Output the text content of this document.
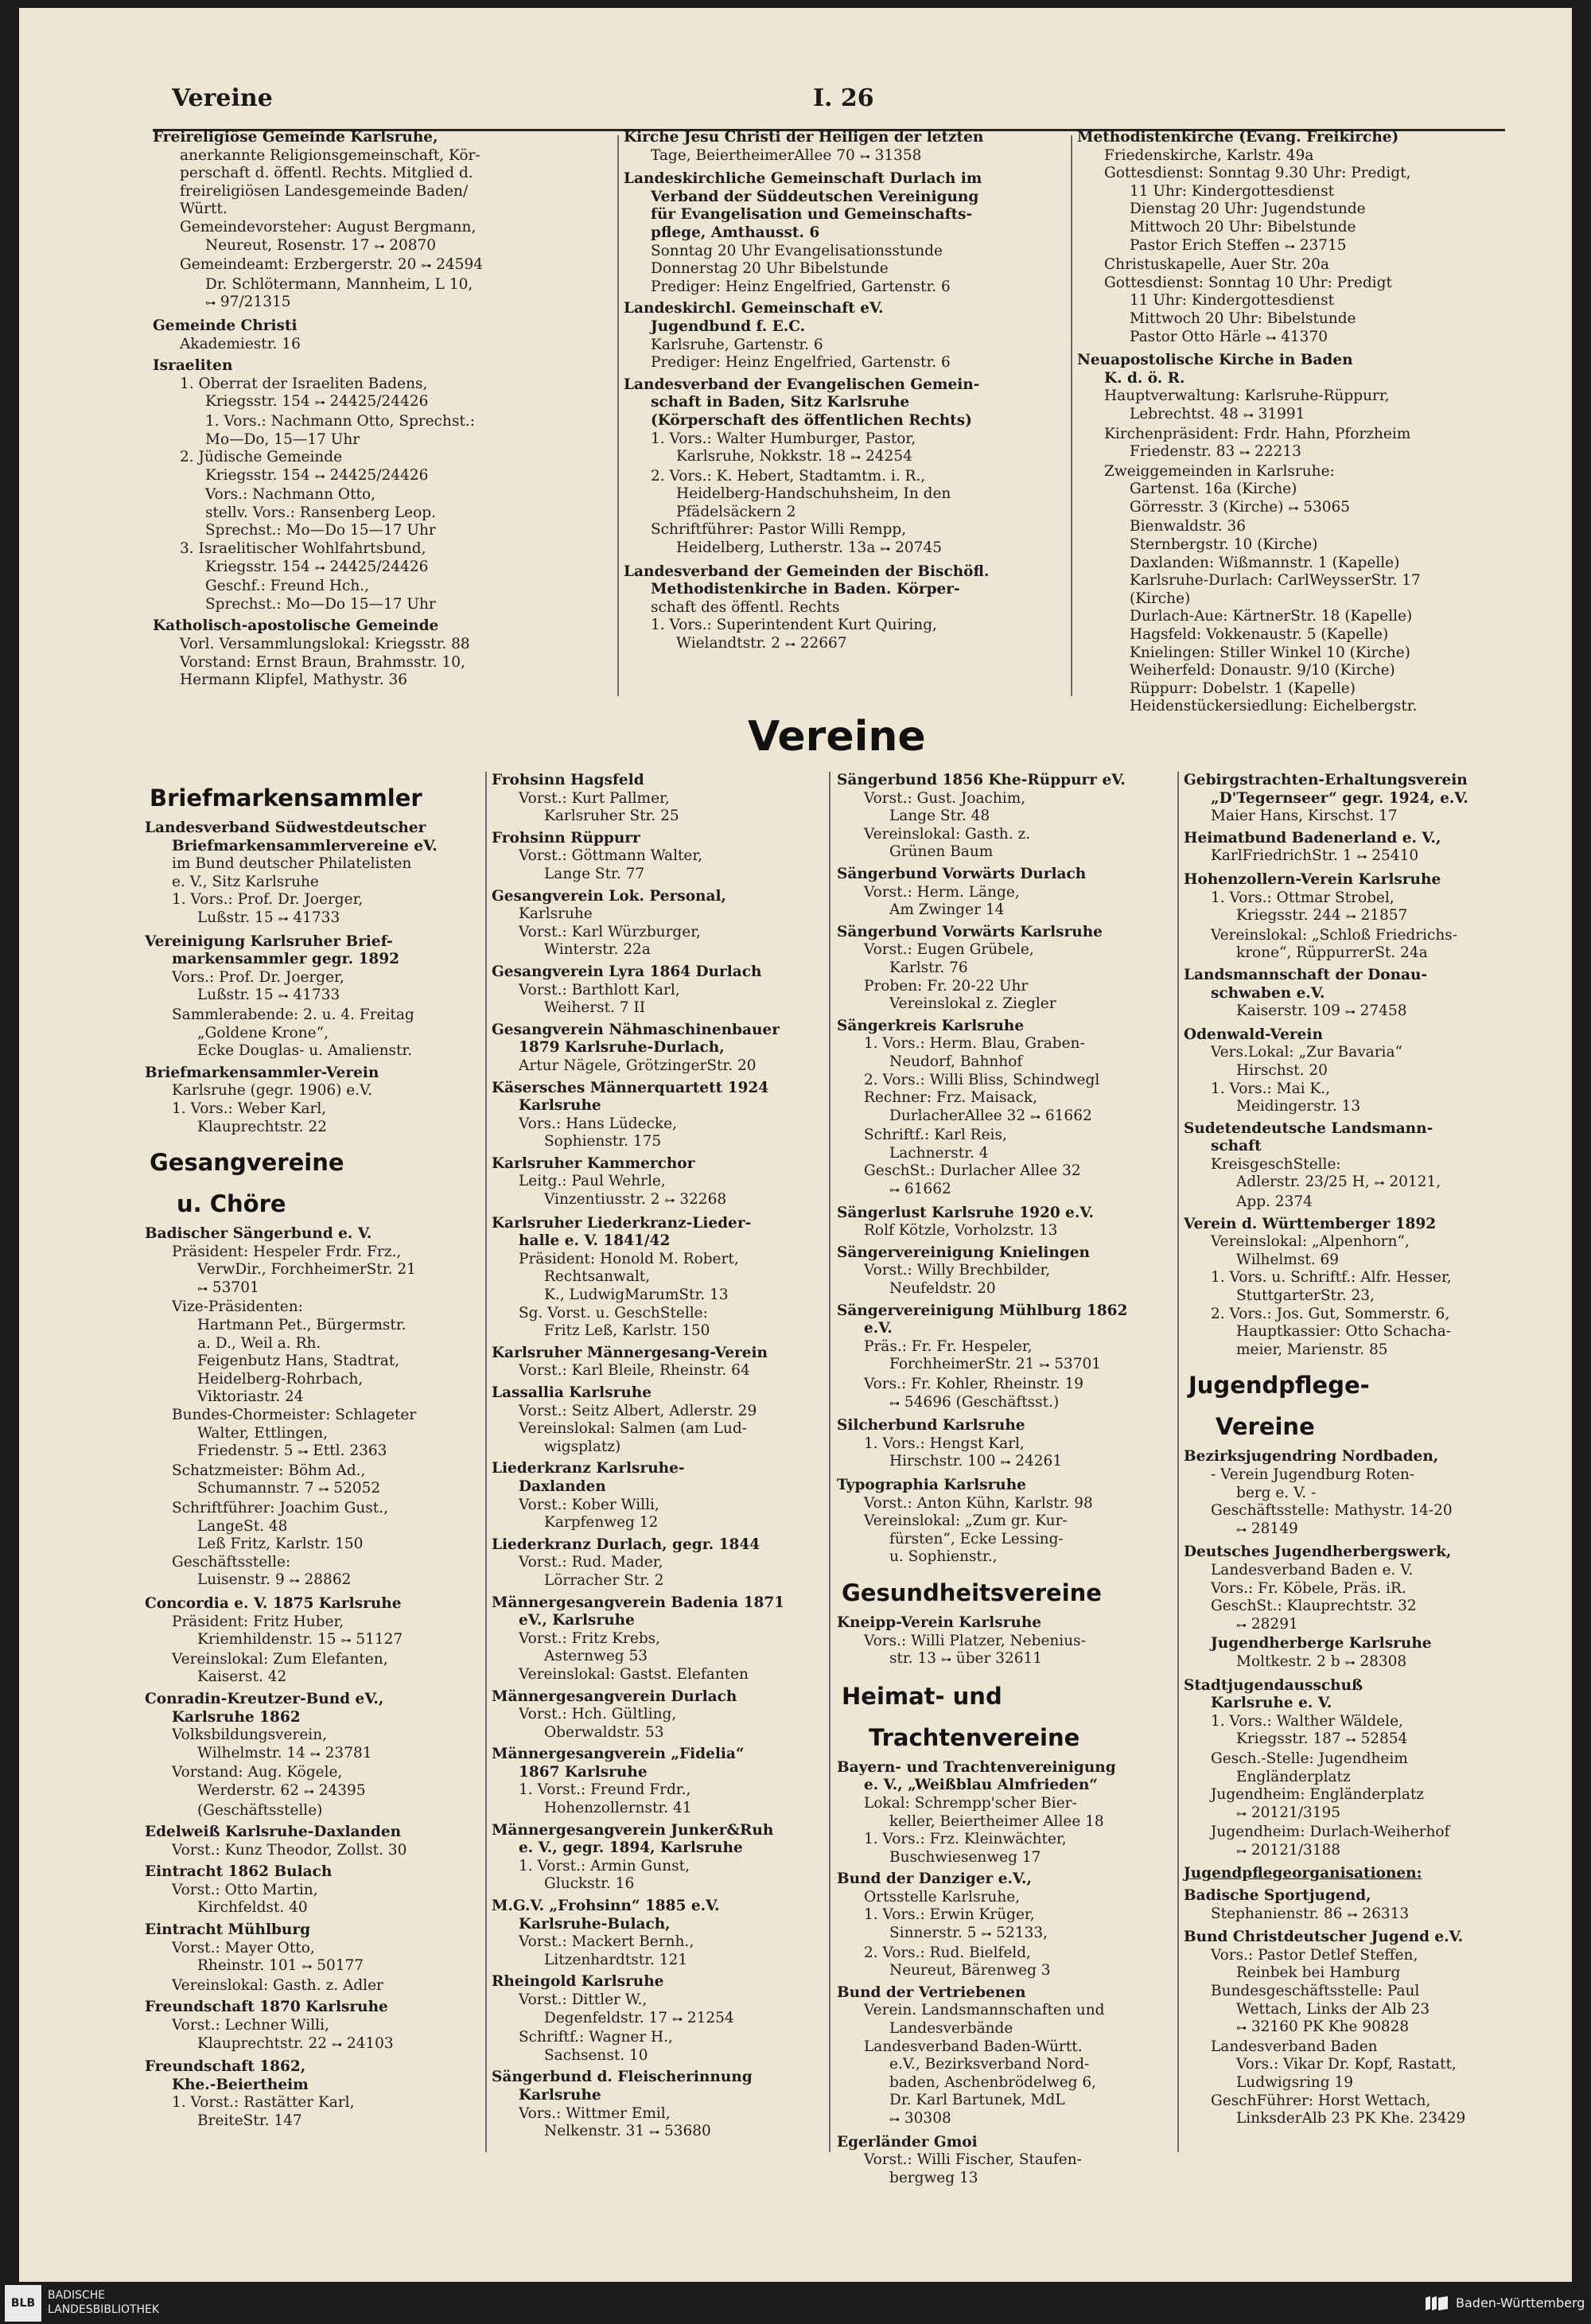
Vereine	I. 26
Freireligiöse Gemeinde Karlsruhe,
anerkannte Religionsgemeinschaft, Kör-
perschaft d. öffentl. Rechts. Mitglied d.
freireligiösen Landesgemeinde Baden/
Württ.
Gemeindevorsteher: August Bergmann,
Neureut, Rosenstr. 17 ⊶ 20870
Gemeindeamt: Erzbergerstr. 20 ⊶ 24594
Dr. Schlötermann, Mannheim, L 10,
⊶ 97/21315
Gemeinde Christi
Akademiestr. 16
Israeliten
1. Oberrat der Israeliten Badens,
Kriegsstr. 154 ⊶ 24425/24426
1. Vors.: Nachmann Otto, Sprechst.:
Mo—Do, 15—17 Uhr
2. Jüdische Gemeinde
Kriegsstr. 154 ⊶ 24425/24426
Vors.: Nachmann Otto,
stellv. Vors.: Ransenberg Leop.
Sprechst.: Mo—Do 15—17 Uhr
3. Israelitischer Wohlfahrtsbund,
Kriegsstr. 154 ⊶ 24425/24426
Geschf.: Freund Hch.,
Sprechst.: Mo—Do 15—17 Uhr
Katholisch-apostolische Gemeinde
Vorl. Versammlungslokal: Kriegsstr. 88
Vorstand: Ernst Braun, Brahmsstr. 10,
Hermann Klipfel, Mathystr. 36
Kirche Jesu Christi der Heiligen der letzten
Tage, BeiertheimerAllee 70 ⊶ 31358
Landeskirchliche Gemeinschaft Durlach im
Verband der Süddeutschen Vereinigung
für Evangelisation und Gemeinschafts-
pflege, Amthausst. 6
Sonntag 20 Uhr Evangelisationsstunde
Donnerstag 20 Uhr Bibelstunde
Prediger: Heinz Engelfried, Gartenstr. 6
Landeskirchl. Gemeinschaft eV.
Jugendbund f. E.C.
Karlsruhe, Gartenstr. 6
Prediger: Heinz Engelfried, Gartenstr. 6
Landesverband der Evangelischen Gemein-
schaft in Baden, Sitz Karlsruhe
(Körperschaft des öffentlichen Rechts)
1. Vors.: Walter Humburger, Pastor,
Karlsruhe, Nokkstr. 18 ⊶ 24254
2. Vors.: K. Hebert, Stadtamtm. i. R.,
Heidelberg-Handschuhsheim, In den
Pfädelsäckern 2
Schriftführer: Pastor Willi Rempp,
Heidelberg, Lutherstr. 13a ⊶ 20745
Landesverband der Gemeinden der Bischöfl.
Methodistenkirche in Baden. Körper-
schaft des öffentl. Rechts
1. Vors.: Superintendent Kurt Quiring,
Wielandtstr. 2 ⊶ 22667
Methodistenkirche (Evang. Freikirche)
Friedenskirche, Karlstr. 49a
Gottesdienst: Sonntag 9.30 Uhr: Predigt,
11 Uhr: Kindergottesdienst
Dienstag 20 Uhr: Jugendstunde
Mittwoch 20 Uhr: Bibelstunde
Pastor Erich Steffen ⊶ 23715
Christuskapelle, Auer Str. 20a
Gottesdienst: Sonntag 10 Uhr: Predigt
11 Uhr: Kindergottesdienst
Mittwoch 20 Uhr: Bibelstunde
Pastor Otto Härle ⊶ 41370
Neuapostolische Kirche in Baden
K. d. ö. R.
Hauptverwaltung: Karlsruhe-Rüppurr,
Lebrechtst. 48 ⊶ 31991
Kirchenpräsident: Frdr. Hahn, Pforzheim
Friedenstr. 83 ⊶ 22213
Zweiggemeinden in Karlsruhe:
Gartenst. 16a (Kirche)
Görresstr. 3 (Kirche) ⊶ 53065
Bienwaldstr. 36
Sternbergstr. 10 (Kirche)
Daxlanden: Wißmannstr. 1 (Kapelle)
Karlsruhe-Durlach: CarlWeysserStr. 17
(Kirche)
Durlach-Aue: KärtnerStr. 18 (Kapelle)
Hagsfeld: Vokkenaustr. 5 (Kapelle)
Knielingen: Stiller Winkel 10 (Kirche)
Weiherfeld: Donaustr. 9/10 (Kirche)
Rüppurr: Dobelstr. 1 (Kapelle)
Heidenstückersiedlung: Eichelbergstr.
Vereine
Briefmarkensammler
Landesverband Südwestdeutscher
Briefmarkensammlervereine eV.
im Bund deutscher Philatelisten
e. V., Sitz Karlsruhe
1. Vors.: Prof. Dr. Joerger,
Lußstr. 15 ⊶ 41733
Vereinigung Karlsruher Brief-
markensammler gegr. 1892
Vors.: Prof. Dr. Joerger,
Lußstr. 15 ⊶ 41733
Sammlerabende: 2. u. 4. Freitag
„Goldene Krone“,
Ecke Douglas- u. Amalienstr.
Briefmarkensammler-Verein
Karlsruhe (gegr. 1906) e.V.
1. Vors.: Weber Karl,
Klauprechtstr. 22
Gesangvereine
u. Chöre
Badischer Sängerbund e. V.
Präsident: Hespeler Frdr. Frz.,
VerwDir., ForchheimerStr. 21
⊶ 53701
Vize-Präsidenten:
Hartmann Pet., Bürgermstr.
a. D., Weil a. Rh.
Feigenbutz Hans, Stadtrat,
Heidelberg-Rohrbach,
Viktoriastr. 24
Bundes-Chormeister: Schlageter
Walter, Ettlingen,
Friedenstr. 5 ⊶ Ettl. 2363
Schatzmeister: Böhm Ad.,
Schumannstr. 7 ⊶ 52052
Schriftführer: Joachim Gust.,
LangeSt. 48
Leß Fritz, Karlstr. 150
Geschäftsstelle:
Luisenstr. 9 ⊶ 28862
Concordia e. V. 1875 Karlsruhe
Präsident: Fritz Huber,
Kriemhildenstr. 15 ⊶ 51127
Vereinslokal: Zum Elefanten,
Kaiserst. 42
Conradin-Kreutzer-Bund eV.,
Karlsruhe 1862
Volksbildungsverein,
Wilhelmstr. 14 ⊶ 23781
Vorstand: Aug. Kögele,
Werderstr. 62 ⊶ 24395
(Geschäftsstelle)
Edelweiß Karlsruhe-Daxlanden
Vorst.: Kunz Theodor, Zollst. 30
Eintracht 1862 Bulach
Vorst.: Otto Martin,
Kirchfeldst. 40
Eintracht Mühlburg
Vorst.: Mayer Otto,
Rheinstr. 101 ⊶ 50177
Vereinslokal: Gasth. z. Adler
Freundschaft 1870 Karlsruhe
Vorst.: Lechner Willi,
Klauprechtstr. 22 ⊶ 24103
Freundschaft 1862,
Khe.-Beiertheim
1. Vorst.: Rastätter Karl,
BreiteStr. 147
Frohsinn Hagsfeld
Vorst.: Kurt Pallmer,
Karlsruher Str. 25
Frohsinn Rüppurr
Vorst.: Göttmann Walter,
Lange Str. 77
Gesangverein Lok. Personal,
Karlsruhe
Vorst.: Karl Würzburger,
Winterstr. 22a
Gesangverein Lyra 1864 Durlach
Vorst.: Barthlott Karl,
Weiherst. 7 II
Gesangverein Nähmaschinenbauer
1879 Karlsruhe-Durlach,
Artur Nägele, GrötzingerStr. 20
Käsersches Männerquartett 1924
Karlsruhe
Vors.: Hans Lüdecke,
Sophienstr. 175
Karlsruher Kammerchor
Leitg.: Paul Wehrle,
Vinzentiusstr. 2 ⊶ 32268
Karlsruher Liederkranz-Lieder-
halle e. V. 1841/42
Präsident: Honold M. Robert,
Rechtsanwalt,
K., LudwigMarumStr. 13
Sg. Vorst. u. GeschStelle:
Fritz Leß, Karlstr. 150
Karlsruher Männergesang-Verein
Vorst.: Karl Bleile, Rheinstr. 64
Lassallia Karlsruhe
Vorst.: Seitz Albert, Adlerstr. 29
Vereinslokal: Salmen (am Lud-
wigsplatz)
Liederkranz Karlsruhe-
Daxlanden
Vorst.: Kober Willi,
Karpfenweg 12
Liederkranz Durlach, gegr. 1844
Vorst.: Rud. Mader,
Lörracher Str. 2
Männergesangverein Badenia 1871
eV., Karlsruhe
Vorst.: Fritz Krebs,
Asternweg 53
Vereinslokal: Gastst. Elefanten
Männergesangverein Durlach
Vorst.: Hch. Gültling,
Oberwaldstr. 53
Männergesangverein „Fidelia“
1867 Karlsruhe
1. Vorst.: Freund Frdr.,
Hohenzollernstr. 41
Männergesangverein Junker&Ruh
e. V., gegr. 1894, Karlsruhe
1. Vorst.: Armin Gunst,
Gluckstr. 16
M.G.V. „Frohsinn“ 1885 e.V.
Karlsruhe-Bulach,
Vorst.: Mackert Bernh.,
Litzenhardtstr. 121
Rheingold Karlsruhe
Vorst.: Dittler W.,
Degenfeldstr. 17 ⊶ 21254
Schriftf.: Wagner H.,
Sachsenst. 10
Sängerbund d. Fleischerinnung
Karlsruhe
Vors.: Wittmer Emil,
Nelkenstr. 31 ⊶ 53680
Sängerbund 1856 Khe-Rüppurr eV.
Vorst.: Gust. Joachim,
Lange Str. 48
Vereinslokal: Gasth. z.
Grünen Baum
Sängerbund Vorwärts Durlach
Vorst.: Herm. Länge,
Am Zwinger 14
Sängerbund Vorwärts Karlsruhe
Vorst.: Eugen Grübele,
Karlstr. 76
Proben: Fr. 20-22 Uhr
Vereinslokal z. Ziegler
Sängerkreis Karlsruhe
1. Vors.: Herm. Blau, Graben-
Neudorf, Bahnhof
2. Vors.: Willi Bliss, Schindwegl
Rechner: Frz. Maisack,
DurlacherAllee 32 ⊶ 61662
Schriftf.: Karl Reis,
Lachnerstr. 4
GeschSt.: Durlacher Allee 32
⊶ 61662
Sängerlust Karlsruhe 1920 e.V.
Rolf Kötzle, Vorholzstr. 13
Sängervereinigung Knielingen
Vorst.: Willy Brechbilder,
Neufeldstr. 20
Sängervereinigung Mühlburg 1862
e.V.
Präs.: Fr. Fr. Hespeler,
ForchheimerStr. 21 ⊶ 53701
Vors.: Fr. Kohler, Rheinstr. 19
⊶ 54696 (Geschäftsst.)
Silcherbund Karlsruhe
1. Vors.: Hengst Karl,
Hirschstr. 100 ⊶ 24261
Typographia Karlsruhe
Vorst.: Anton Kühn, Karlstr. 98
Vereinslokal: „Zum gr. Kur-
fürsten“, Ecke Lessing-
u. Sophienstr.,
Gesundheitsvereine
Kneipp-Verein Karlsruhe
Vors.: Willi Platzer, Nebenius-
str. 13 ⊶ über 32611
Heimat- und
Trachtenvereine
Bayern- und Trachtenvereinigung
e. V., „Weißblau Almfrieden“
Lokal: Schrempp'scher Bier-
keller, Beiertheimer Allee 18
1. Vors.: Frz. Kleinwächter,
Buschwiesenweg 17
Bund der Danziger e.V.,
Ortsstelle Karlsruhe,
1. Vors.: Erwin Krüger,
Sinnerstr. 5 ⊶ 52133,
2. Vors.: Rud. Bielfeld,
Neureut, Bärenweg 3
Bund der Vertriebenen
Verein. Landsmannschaften und
Landesverbände
Landesverband Baden-Württ.
e.V., Bezirksverband Nord-
baden, Aschenbrödelweg 6,
Dr. Karl Bartunek, MdL
⊶ 30308
Egerländer Gmoi
Vorst.: Willi Fischer, Staufen-
bergweg 13
Gebirgstrachten-Erhaltungsverein
„D'Tegernseer“ gegr. 1924, e.V.
Maier Hans, Kirschst. 17
Heimatbund Badenerland e. V.,
KarlFriedrichStr. 1 ⊶ 25410
Hohenzollern-Verein Karlsruhe
1. Vors.: Ottmar Strobel,
Kriegsstr. 244 ⊶ 21857
Vereinslokal: „Schloß Friedrichs-
krone“, RüppurrerSt. 24a
Landsmannschaft der Donau-
schwaben e.V.
Kaiserstr. 109 ⊶ 27458
Odenwald-Verein
Vers.Lokal: „Zur Bavaria“
Hirschst. 20
1. Vors.: Mai K.,
Meidingerstr. 13
Sudetendeutsche Landsmann-
schaft
KreisgeschStelle:
Adlerstr. 23/25 H, ⊶ 20121,
App. 2374
Verein d. Württemberger 1892
Vereinslokal: „Alpenhorn“,
Wilhelmst. 69
1. Vors. u. Schriftf.: Alfr. Hesser,
StuttgarterStr. 23,
2. Vors.: Jos. Gut, Sommerstr. 6,
Hauptkassier: Otto Schacha-
meier, Marienstr. 85
Jugendpflege-
Vereine
Bezirksjugendring Nordbaden,
- Verein Jugendburg Roten-
berg e. V. -
Geschäftsstelle: Mathystr. 14-20
⊶ 28149
Deutsches Jugendherbergswerk,
Landesverband Baden e. V.
Vors.: Fr. Köbele, Präs. iR.
GeschSt.: Klauprechtstr. 32
⊶ 28291
Jugendherberge Karlsruhe
Moltkestr. 2 b ⊶ 28308
Stadtjugendausschuß
Karlsruhe e. V.
1. Vors.: Walther Wäldele,
Kriegsstr. 187 ⊶ 52854
Gesch.-Stelle: Jugendheim
Engländerplatz
Jugendheim: Engländerplatz
⊶ 20121/3195
Jugendheim: Durlach-Weiherhof
⊶ 20121/3188
Jugendpflegeorganisationen:
Badische Sportjugend,
Stephanienstr. 86 ⊶ 26313
Bund Christdeutscher Jugend e.V.
Vors.: Pastor Detlef Steffen,
Reinbek bei Hamburg
Bundesgeschäftsstelle: Paul
Wettach, Links der Alb 23
⊶ 32160 PK Khe 90828
Landesverband Baden
Vors.: Vikar Dr. Kopf, Rastatt,
Ludwigsring 19
GeschFührer: Horst Wettach,
LinksderAlb 23 PK Khe. 23429
BLB
BADISCHE
LANDESBIBLIOTHEK	Baden-Württemberg
